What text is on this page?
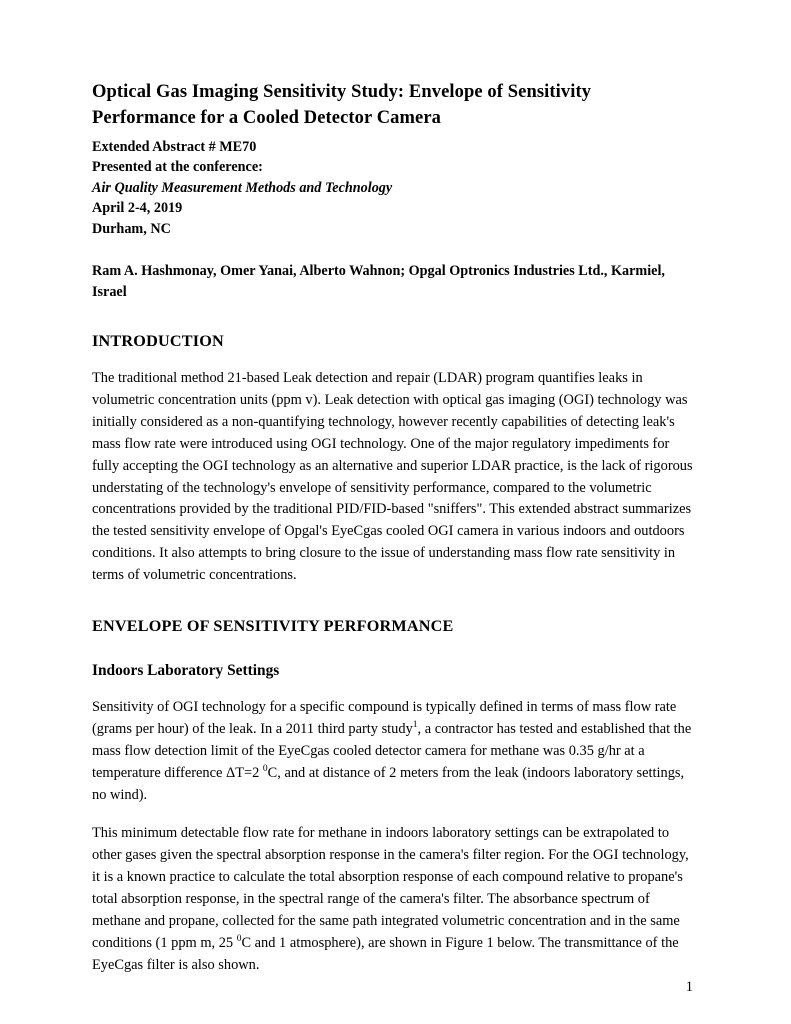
Optical Gas Imaging Sensitivity Study: Envelope of Sensitivity Performance for a Cooled Detector Camera
Extended Abstract # ME70
Presented at the conference:
Air Quality Measurement Methods and Technology
April 2-4, 2019
Durham, NC
Ram A. Hashmonay, Omer Yanai, Alberto Wahnon; Opgal Optronics Industries Ltd., Karmiel, Israel
INTRODUCTION

The traditional method 21-based Leak detection and repair (LDAR) program quantifies leaks in volumetric concentration units (ppm v). Leak detection with optical gas imaging (OGI) technology was initially considered as a non-quantifying technology, however recently capabilities of detecting leak's mass flow rate were introduced using OGI technology. One of the major regulatory impediments for fully accepting the OGI technology as an alternative and superior LDAR practice, is the lack of rigorous understating of the technology's envelope of sensitivity performance, compared to the volumetric concentrations provided by the traditional PID/FID-based "sniffers". This extended abstract summarizes the tested sensitivity envelope of Opgal's EyeCgas cooled OGI camera in various indoors and outdoors conditions. It also attempts to bring closure to the issue of understanding mass flow rate sensitivity in terms of volumetric concentrations.

ENVELOPE OF SENSITIVITY PERFORMANCE
Indoors Laboratory Settings

Sensitivity of OGI technology for a specific compound is typically defined in terms of mass flow rate (grams per hour) of the leak. In a 2011 third party study$^1$, a contractor has tested and established that the mass flow detection limit of the EyeCgas cooled detector camera for methane was 0.35 g/hr at a temperature difference ΔT=2 $^0$C, and at distance of 2 meters from the leak (indoors laboratory settings, no wind).

This minimum detectable flow rate for methane in indoors laboratory settings can be extrapolated to other gases given the spectral absorption response in the camera's filter region. For the OGI technology, it is a known practice to calculate the total absorption response of each compound relative to propane's total absorption response, in the spectral range of the camera's filter. The absorbance spectrum of methane and propane, collected for the same path integrated volumetric concentration and in the same conditions (1 ppm m, 25 $^0$C and 1 atmosphere), are shown in Figure 1 below. The transmittance of the EyeCgas filter is also shown.

1
